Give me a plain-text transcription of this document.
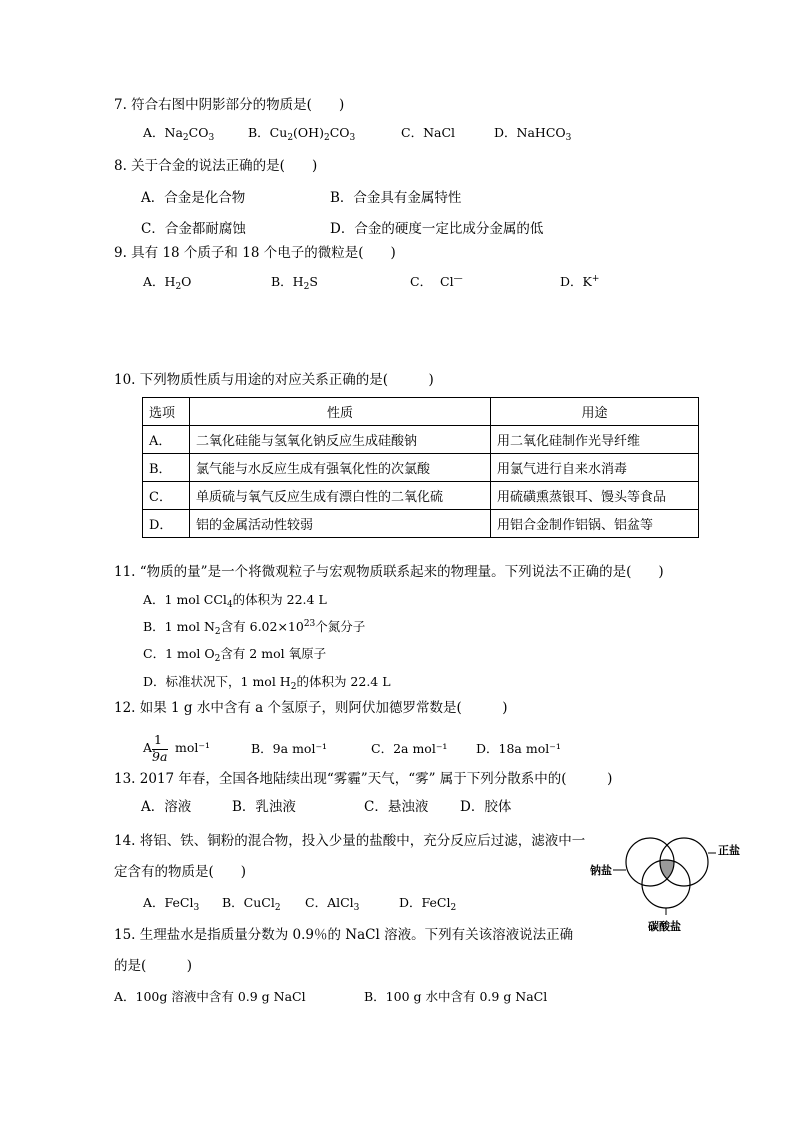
7. 符合右图中阴影部分的物质是(　　)
A．$Na_2CO_3$	B．$Cu_2(OH)_2CO_3$	C．NaCl	D．NaHCO$_3$
8. 关于合金的说法正确的是(　　)
A．合金是化合物	B．合金具有金属特性
C．合金都耐腐蚀	D．合金的硬度一定比成分金属的低
9. 具有 18 个质子和 18 个电子的微粒是(　　)
A．$H_2O$	B．$H_2S$	C．  Cl—	D．K+
10. 下列物质性质与用途的对应关系正确的是(　　　)
选项	性质	用途
A．	二氧化硅能与氢氧化钠反应生成硅酸钠	用二氧化硅制作光导纤维
B．	氯气能与水反应生成有强氧化性的次氯酸	用氯气进行自来水消毒
C．	单质硫与氧气反应生成有漂白性的二氧化硫	用硫磺熏蒸银耳、馒头等食品
D．	铝的金属活动性较弱	用铝合金制作铝锅、铝盆等
11. “物质的量”是一个将微观粒子与宏观物质联系起来的物理量。下列说法不正确的是(　　)
A．1 mol CCl$_4$的体积为 22.4 L
B．1 mol $N_2$含有 $6.02\times 10^{23}$个氮分子
C．1 mol $O_2$含有 2 mol 氧原子
D．标准状况下，1 mol $H_2$的体积为 22.4 L
12. 如果 1 g 水中含有 a 个氢原子，则阿伏加德罗常数是(　　　)
A.
1
9a
mol⁻¹	B．9a mol⁻¹	C．2a mol⁻¹ D．18a mol⁻¹
13. 2017 年春，全国各地陆续出现“雾霾”天气，“雾” 属于下列分散系中的(　　　)
A．溶液	B．乳浊液	C．悬浊液 D．胶体
14. 将铝、铁、铜粉的混合物，投入少量的盐酸中，充分反应后过滤，滤液中一
定含有的物质是(　　)
A．FeCl$_3$ B．CuCl$_2$ C．AlCl$_3$	D．FeCl$_2$
15. 生理盐水是指质量分数为 0.9％的 NaCl 溶液。下列有关该溶液说法正确
的是(　　　)
A．100g 溶液中含有 0.9 g NaCl	B．100 g 水中含有 0.9 g NaCl
钠盐
正盐
碳酸盐
